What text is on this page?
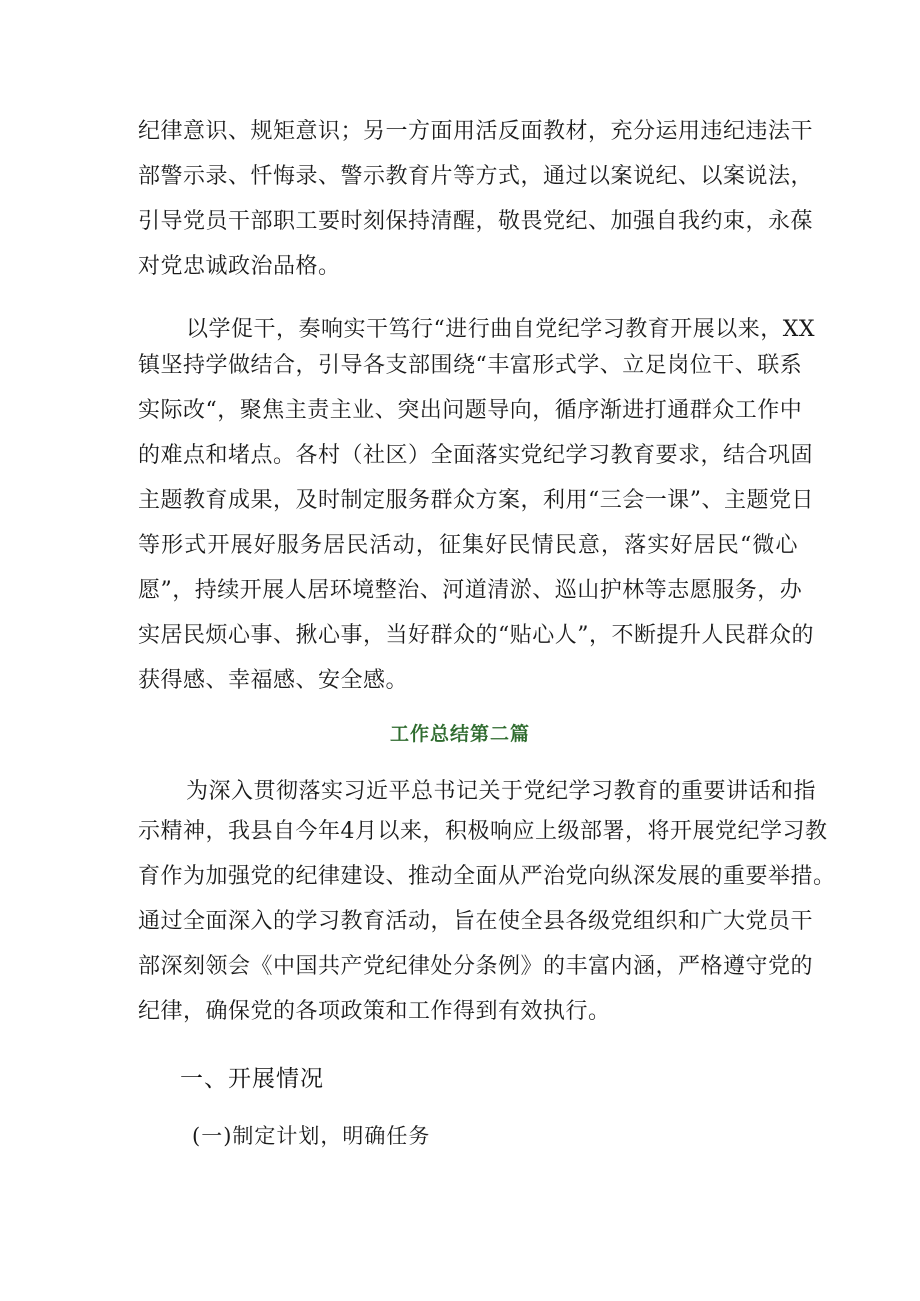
纪律意识、规矩意识；另一方面用活反面教材，充分运用违纪违法干
部警示录、忏悔录、警示教育片等方式，通过以案说纪、以案说法，
引导党员干部职工要时刻保持清醒，敬畏党纪、加强自我约束，永葆
对党忠诚政治品格。
以学促干，奏响实干笃行“进行曲自党纪学习教育开展以来，XX
镇坚持学做结合，引导各支部围绕“丰富形式学、立足岗位干、联系
实际改“，聚焦主责主业、突出问题导向，循序渐进打通群众工作中
的难点和堵点。各村（社区）全面落实党纪学习教育要求，结合巩固
主题教育成果，及时制定服务群众方案，利用“三会一课”、主题党日
等形式开展好服务居民活动，征集好民情民意，落实好居民“微心
愿”，持续开展人居环境整治、河道清淤、巡山护林等志愿服务，办
实居民烦心事、揪心事，当好群众的“贴心人”，不断提升人民群众的
获得感、幸福感、安全感。
工作总结第二篇
为深入贯彻落实习近平总书记关于党纪学习教育的重要讲话和指
示精神，我县自今年4月以来，积极响应上级部署，将开展党纪学习教
育作为加强党的纪律建设、推动全面从严治党向纵深发展的重要举措。
通过全面深入的学习教育活动，旨在使全县各级党组织和广大党员干
部深刻领会《中国共产党纪律处分条例》的丰富内涵，严格遵守党的
纪律，确保党的各项政策和工作得到有效执行。
一、开展情况
(一)制定计划，明确任务
